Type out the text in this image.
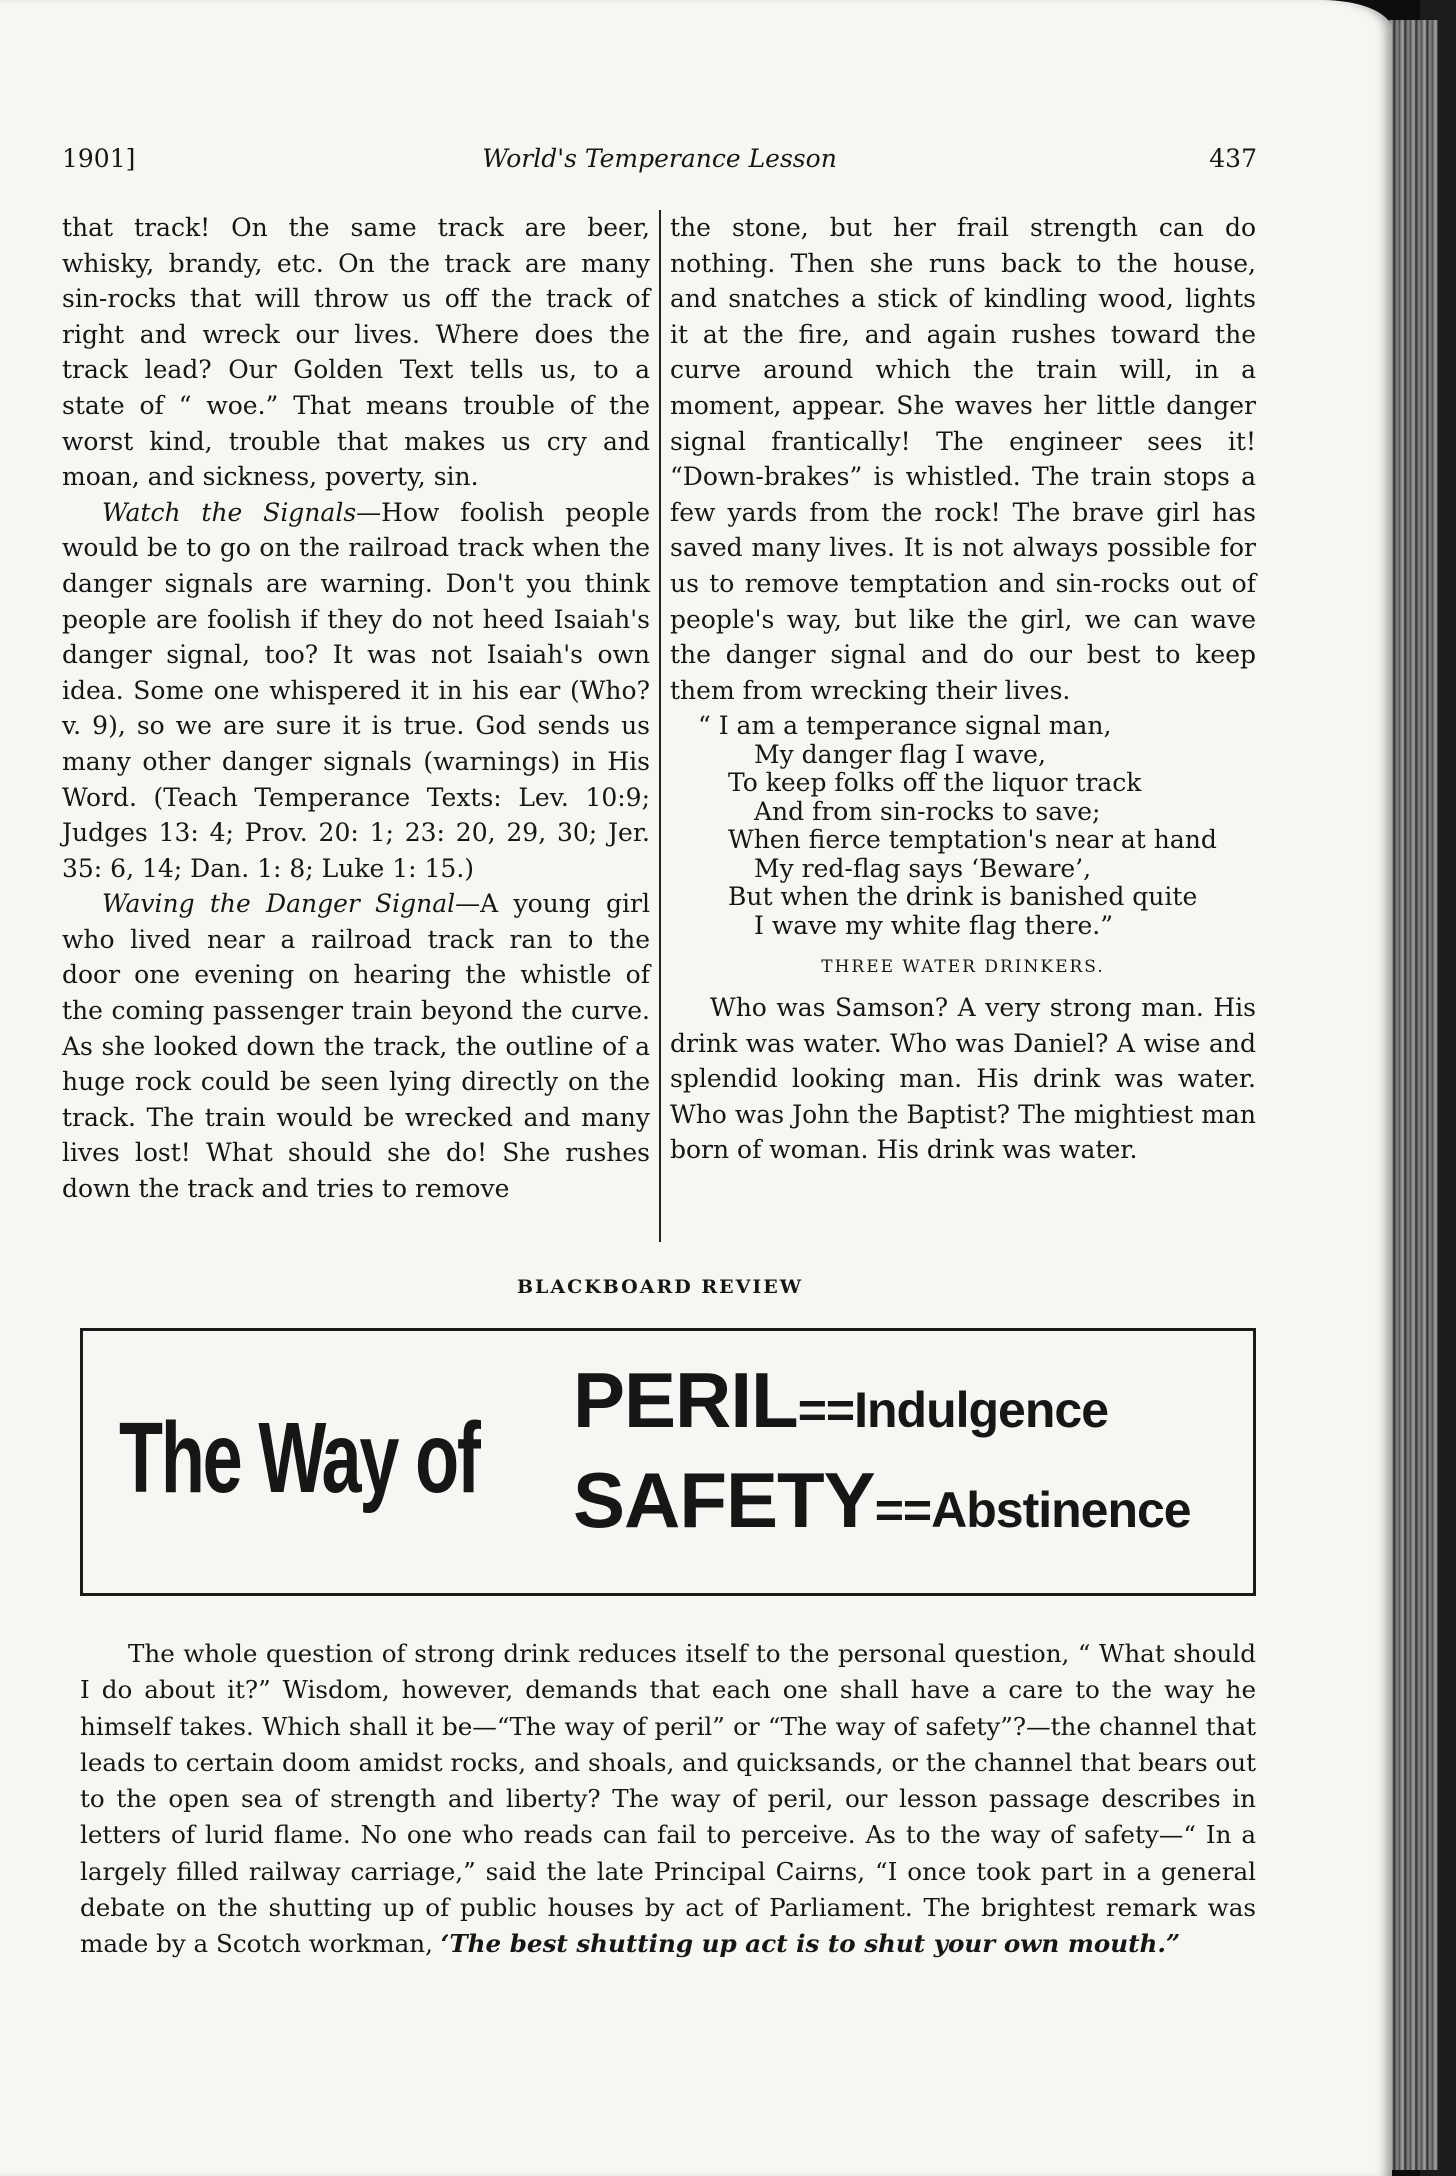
1901]	World's Temperance Lesson	437

that track! On the same track are beer, whisky, brandy, etc. On the track are many sin-rocks that will throw us off the track of right and wreck our lives. Where does the track lead? Our Golden Text tells us, to a state of “ woe.” That means trouble of the worst kind, trouble that makes us cry and moan, and sickness, poverty, sin.

Watch the Signals—How foolish people would be to go on the railroad track when the danger signals are warning. Don't you think people are foolish if they do not heed Isaiah's danger signal, too? It was not Isaiah's own idea. Some one whispered it in his ear (Who? v. 9), so we are sure it is true. God sends us many other danger signals (warnings) in His Word. (Teach Temperance Texts: Lev. 10:9; Judges 13: 4; Prov. 20: 1; 23: 20, 29, 30; Jer. 35: 6, 14; Dan. 1: 8; Luke 1: 15.)

Waving the Danger Signal—A young girl who lived near a railroad track ran to the door one evening on hearing the whistle of the coming passenger train beyond the curve. As she looked down the track, the outline of a huge rock could be seen lying directly on the track. The train would be wrecked and many lives lost! What should she do! She rushes down the track and tries to remove

the stone, but her frail strength can do nothing. Then she runs back to the house, and snatches a stick of kindling wood, lights it at the fire, and again rushes toward the curve around which the train will, in a moment, appear. She waves her little danger signal frantically! The engineer sees it! “Down-brakes” is whistled. The train stops a few yards from the rock! The brave girl has saved many lives. It is not always possible for us to remove temptation and sin-rocks out of people's way, but like the girl, we can wave the danger signal and do our best to keep them from wrecking their lives.

“ I am a temperance signal man,
My danger flag I wave,
To keep folks off the liquor track
And from sin-rocks to save;
When fierce temptation's near at hand
My red-flag says ‘Beware’,
But when the drink is banished quite
I wave my white flag there.”
THREE WATER DRINKERS.

Who was Samson? A very strong man. His drink was water. Who was Daniel? A wise and splendid looking man. His drink was water. Who was John the Baptist? The mightiest man born of woman. His drink was water.

BLACKBOARD REVIEW
The Way of
PERIL==Indulgence
SAFETY==Abstinence

The whole question of strong drink reduces itself to the personal question, “ What should I do about it?” Wisdom, however, demands that each one shall have a care to the way he himself takes. Which shall it be—“The way of peril” or “The way of safety”?—the channel that leads to certain doom amidst rocks, and shoals, and quicksands, or the channel that bears out to the open sea of strength and liberty? The way of peril, our lesson passage describes in letters of lurid flame. No one who reads can fail to perceive. As to the way of safety—“ In a largely filled railway carriage,” said the late Principal Cairns, “I once took part in a general debate on the shutting up of public houses by act of Parliament. The brightest remark was made by a Scotch workman, ‘The best shutting up act is to shut your own mouth.”
